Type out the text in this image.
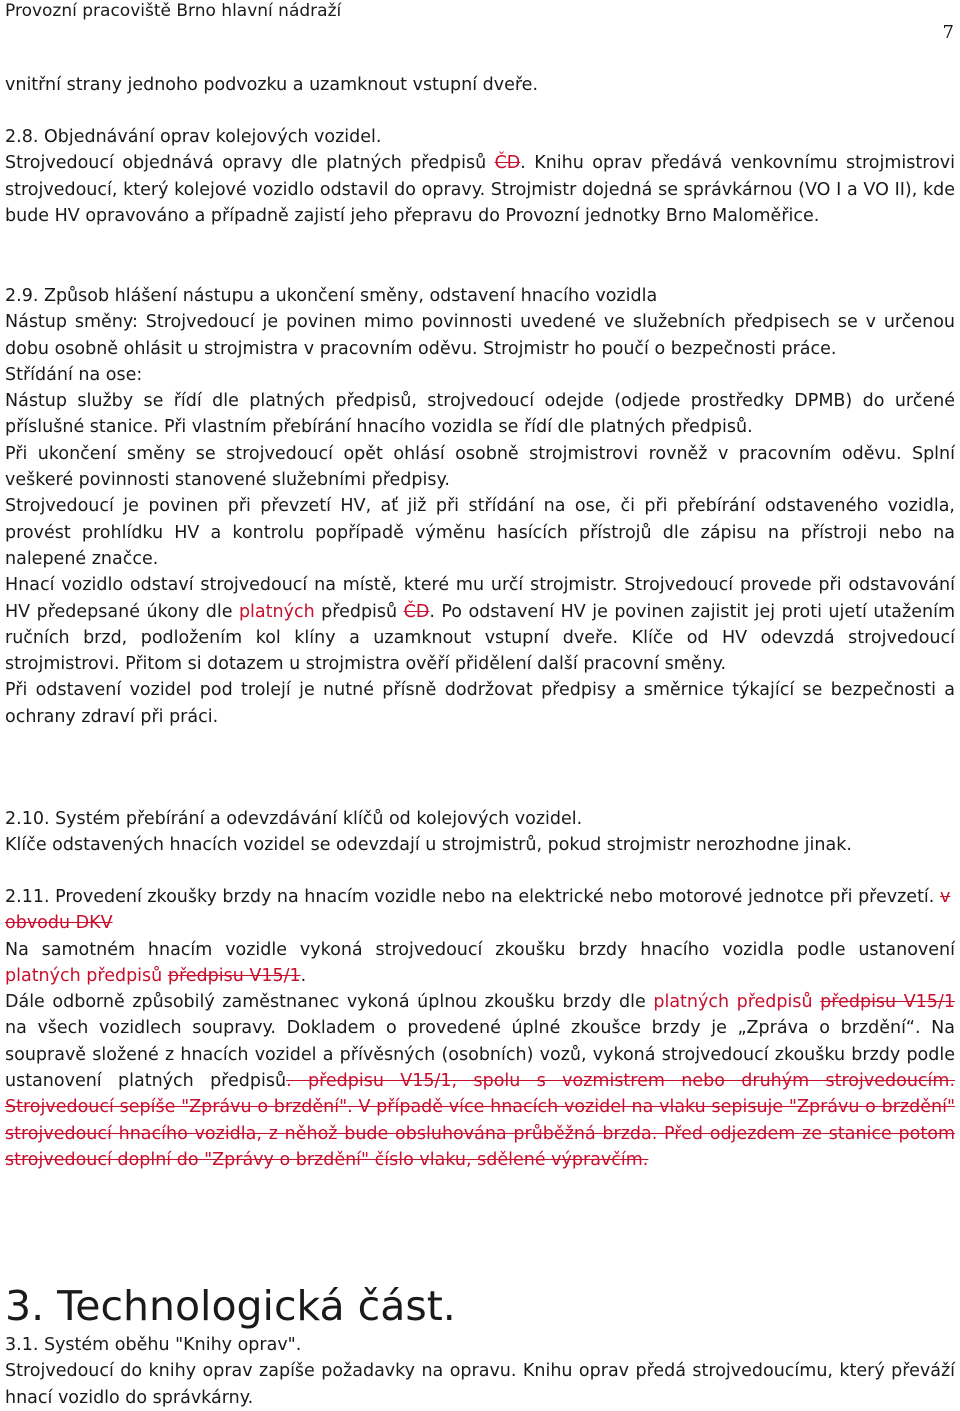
Provozní pracoviště Brno hlavní nádraží
7

vnitřní strany jednoho podvozku a uzamknout vstupní dveře.

2.8. Objednávání oprav kolejových vozidel.

Strojvedoucí objednává opravy dle platných předpisů ČD. Knihu oprav předává venkovnímu strojmistrovi strojvedoucí, který kolejové vozidlo odstavil do opravy. Strojmistr dojedná se správkárnou (VO I a VO II), kde bude HV opravováno a případně zajistí jeho přepravu do Provozní jednotky Brno Maloměřice.

2.9. Způsob hlášení nástupu a ukončení směny, odstavení hnacího vozidla

Nástup směny: Strojvedoucí je povinen mimo povinnosti uvedené ve služebních předpisech se v určenou dobu osobně ohlásit u strojmistra v pracovním oděvu. Strojmistr ho poučí o bezpečnosti práce.

Střídání na ose:

Nástup služby se řídí dle platných předpisů, strojvedoucí odejde (odjede prostředky DPMB) do určené příslušné stanice. Při vlastním přebírání hnacího vozidla se řídí dle platných předpisů.

Při ukončení směny se strojvedoucí opět ohlásí osobně strojmistrovi rovněž v pracovním oděvu. Splní veškeré povinnosti stanovené služebními předpisy.

Strojvedoucí je povinen při převzetí HV, ať již při střídání na ose, či při přebírání odstaveného vozidla, provést prohlídku HV a kontrolu popřípadě výměnu hasících přístrojů dle zápisu na přístroji nebo na nalepené značce.

Hnací vozidlo odstaví strojvedoucí na místě, které mu určí strojmistr. Strojvedoucí provede při odstavování HV předepsané úkony dle platných předpisů ČD. Po odstavení HV je povinen zajistit jej proti ujetí utažením ručních brzd, podložením kol klíny a uzamknout vstupní dveře. Klíče od HV odevzdá strojvedoucí strojmistrovi. Přitom si dotazem u strojmistra ověří přidělení další pracovní směny.

Při odstavení vozidel pod trolejí je nutné přísně dodržovat předpisy a směrnice týkající se bezpečnosti a ochrany zdraví při práci.

2.10. Systém přebírání a odevzdávání klíčů od kolejových vozidel.

Klíče odstavených hnacích vozidel se odevzdají u strojmistrů, pokud strojmistr nerozhodne jinak.

2.11. Provedení zkoušky brzdy na hnacím vozidle nebo na elektrické nebo motorové jednotce při převzetí. v obvodu DKV

Na samotném hnacím vozidle vykoná strojvedoucí zkoušku brzdy hnacího vozidla podle ustanovení platných předpisů předpisu V15/1.

Dále odborně způsobilý zaměstnanec vykoná úplnou zkoušku brzdy dle platných předpisů předpisu V15/1 na všech vozidlech soupravy. Dokladem o provedené úplné zkoušce brzdy je „Zpráva o brzdění“. Na soupravě složené z hnacích vozidel a přívěsných (osobních) vozů, vykoná strojvedoucí zkoušku brzdy podle ustanovení platných předpisů. předpisu V15/1, spolu s vozmistrem nebo druhým strojvedoucím. Strojvedoucí sepíše "Zprávu o brzdění". V případě více hnacích vozidel na vlaku sepisuje "Zprávu o brzdění" strojvedoucí hnacího vozidla, z něhož bude obsluhována průběžná brzda. Před odjezdem ze stanice potom strojvedoucí doplní do "Zprávy o brzdění" číslo vlaku, sdělené výpravčím.

3. Technologická část.

3.1. Systém oběhu "Knihy oprav".

Strojvedoucí do knihy oprav zapíše požadavky na opravu. Knihu oprav předá strojvedoucímu, který převáží hnací vozidlo do správkárny.
